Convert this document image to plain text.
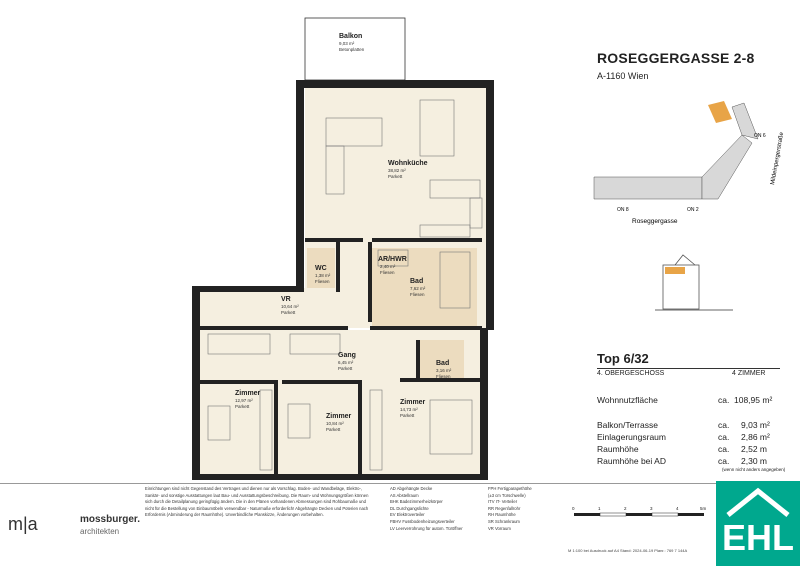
Balkon
9,03 m²
Betonplatten
Wohnküche
38,82 m²
Parkett
WC
1,38 m²
Fliesen
AR/HWR
2,40 m²
Fliesen
Bad
7,62 m²
Fliesen
VR
10,64 m²
Parkett
Gang
6,45 m²
Parkett
Bad
3,16 m²
Fliesen
Zimmer
12,97 m²
Parkett
Zimmer
10,84 m²
Parkett
Zimmer
14,73 m²
Parkett
ROSEGGERGASSE 2-8
A-1160 Wien
Roseggergasse
ON 8	ON 2
ON 6 Mildeinpergerstraße
Top 6/32
4. OBERGESCHOSS	4 ZIMMER
Wohnnutzfläche	ca. 108,95 m²
Balkon/Terrasse	ca. 9,03 m²
Einlagerungsraum	ca. 2,86 m²
Raumhöhe	ca. 2,52 m
Raumhöhe bei AD	ca. 2,30 m
(wenn nicht anders angegeben)
m|a	mossburger.
architekten
Einrichtungen sind nicht Gegenstand des Vertrages und dienen nur als Vorschlag. Boden- und Wandbeläge, Elektro-, Sanitär- und sonstige Ausstattungen laut Bau- und Ausstattungsbeschreibung. Die Raum- und Wohnungsgrößen können sich durch die Detailplanung geringfügig ändern. Die in den Plänen vorhandenen Abmessungen sind Rohbaumaße und nicht für die Bestellung von Einbaumöbeln verwendbar - Naturmaße erforderlich! Abgehängte Decken und Poterien nach Erfordernis (Abminderung der Raumhöhe). Unverbindliche Planskizze, Änderungen vorbehalten.
AD Abgehängte Decke
AS Abstellraum
BHK Badezimmerheizkörper
DL Durchgangslichte
EV Elektroverteiler
FBHV Fussbodenheizungsverteiler
LV Leerverrohrung für autom. Türöffner
FPH Fertigparapethöhe
(±3 cm Türschwelle)
ITV IT- Verteiler
RR Regenfallrohr
RH Raumhöhe
SR Schrankraum
VR Vorraum
0	1	2	3	4	5m
M 1:100 bei Ausdruck auf A4 Stand: 2024-06-19 Planr.: 769 7 144A EHL
